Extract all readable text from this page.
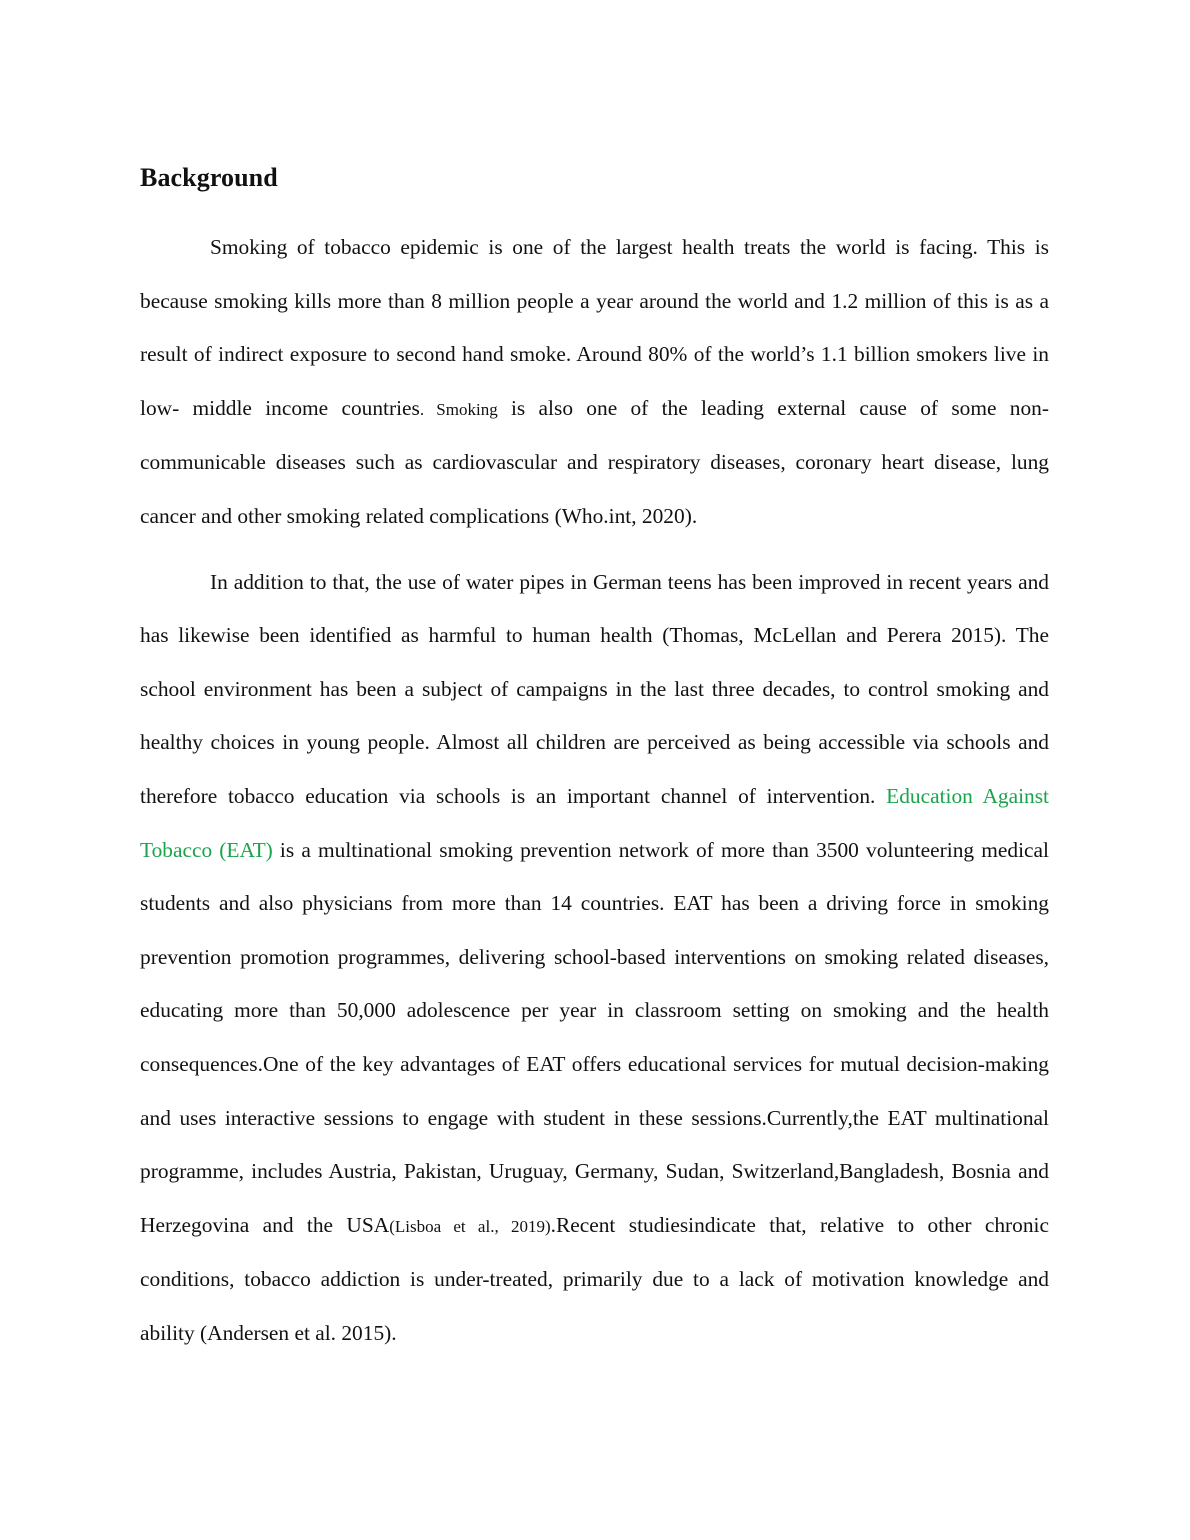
Background

Smoking of tobacco epidemic is one of the largest health treats the world is facing. This is because smoking kills more than 8 million people a year around the world and 1.2 million of this is as a result of indirect exposure to second hand smoke. Around 80% of the world’s 1.1 billion smokers live in low- middle income countries. Smoking is also one of the leading external cause of some non-communicable diseases such as cardiovascular and respiratory diseases, coronary heart disease, lung cancer and other smoking related complications (Who.int, 2020).

In addition to that, the use of water pipes in German teens has been improved in recent years and has likewise been identified as harmful to human health (Thomas, McLellan and Perera 2015). The school environment has been a subject of campaigns in the last three decades, to control smoking and healthy choices in young people. Almost all children are perceived as being accessible via schools and therefore tobacco education via schools is an important channel of intervention. Education Against Tobacco (EAT) is a multinational smoking prevention network of more than 3500 volunteering medical students and also physicians from more than 14 countries. EAT has been a driving force in smoking prevention promotion programmes, delivering school-based interventions on smoking related diseases, educating more than 50,000 adolescence per year in classroom setting on smoking and the health consequences.One of the key advantages of EAT offers educational services for mutual decision-making and uses interactive sessions to engage with student in these sessions.Currently,the EAT multinational programme, includes Austria, Pakistan, Uruguay, Germany, Sudan, Switzerland,Bangladesh, Bosnia and Herzegovina and the USA(Lisboa et al., 2019).Recent studiesindicate that, relative to other chronic conditions, tobacco addiction is under-treated, primarily due to a lack of motivation knowledge and ability (Andersen et al. 2015).
